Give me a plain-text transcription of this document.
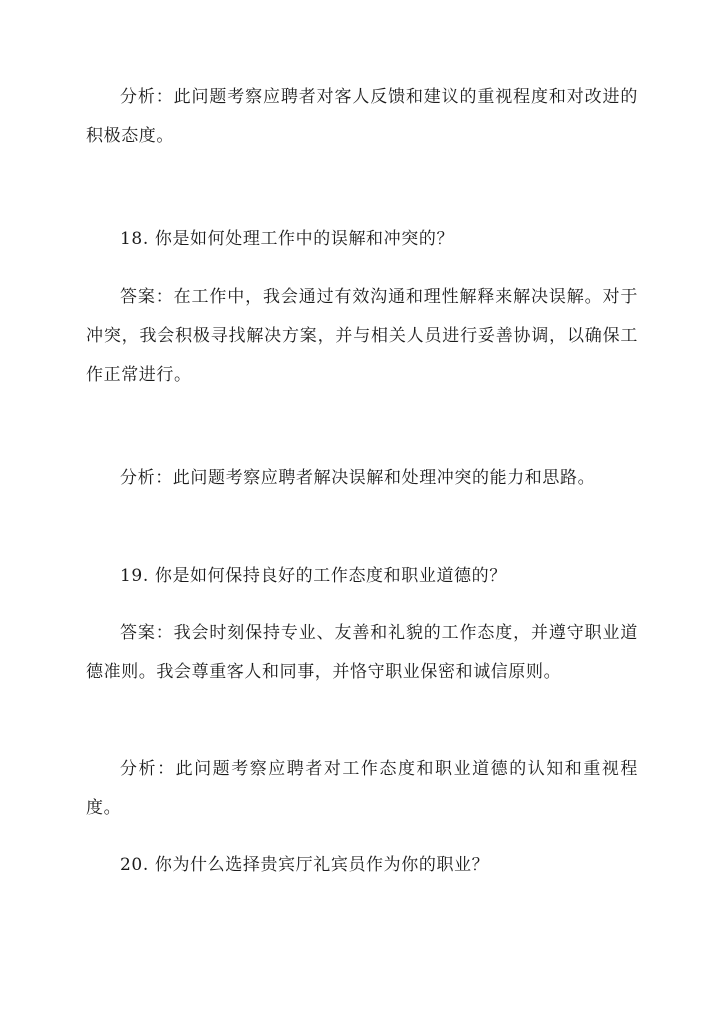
分析：此问题考察应聘者对客人反馈和建议的重视程度和对改进的积极态度。

18. 你是如何处理工作中的误解和冲突的？

答案：在工作中，我会通过有效沟通和理性解释来解决误解。对于冲突，我会积极寻找解决方案，并与相关人员进行妥善协调，以确保工作正常进行。

分析：此问题考察应聘者解决误解和处理冲突的能力和思路。

19. 你是如何保持良好的工作态度和职业道德的？

答案：我会时刻保持专业、友善和礼貌的工作态度，并遵守职业道德准则。我会尊重客人和同事，并恪守职业保密和诚信原则。

分析：此问题考察应聘者对工作态度和职业道德的认知和重视程度。

20. 你为什么选择贵宾厅礼宾员作为你的职业？
